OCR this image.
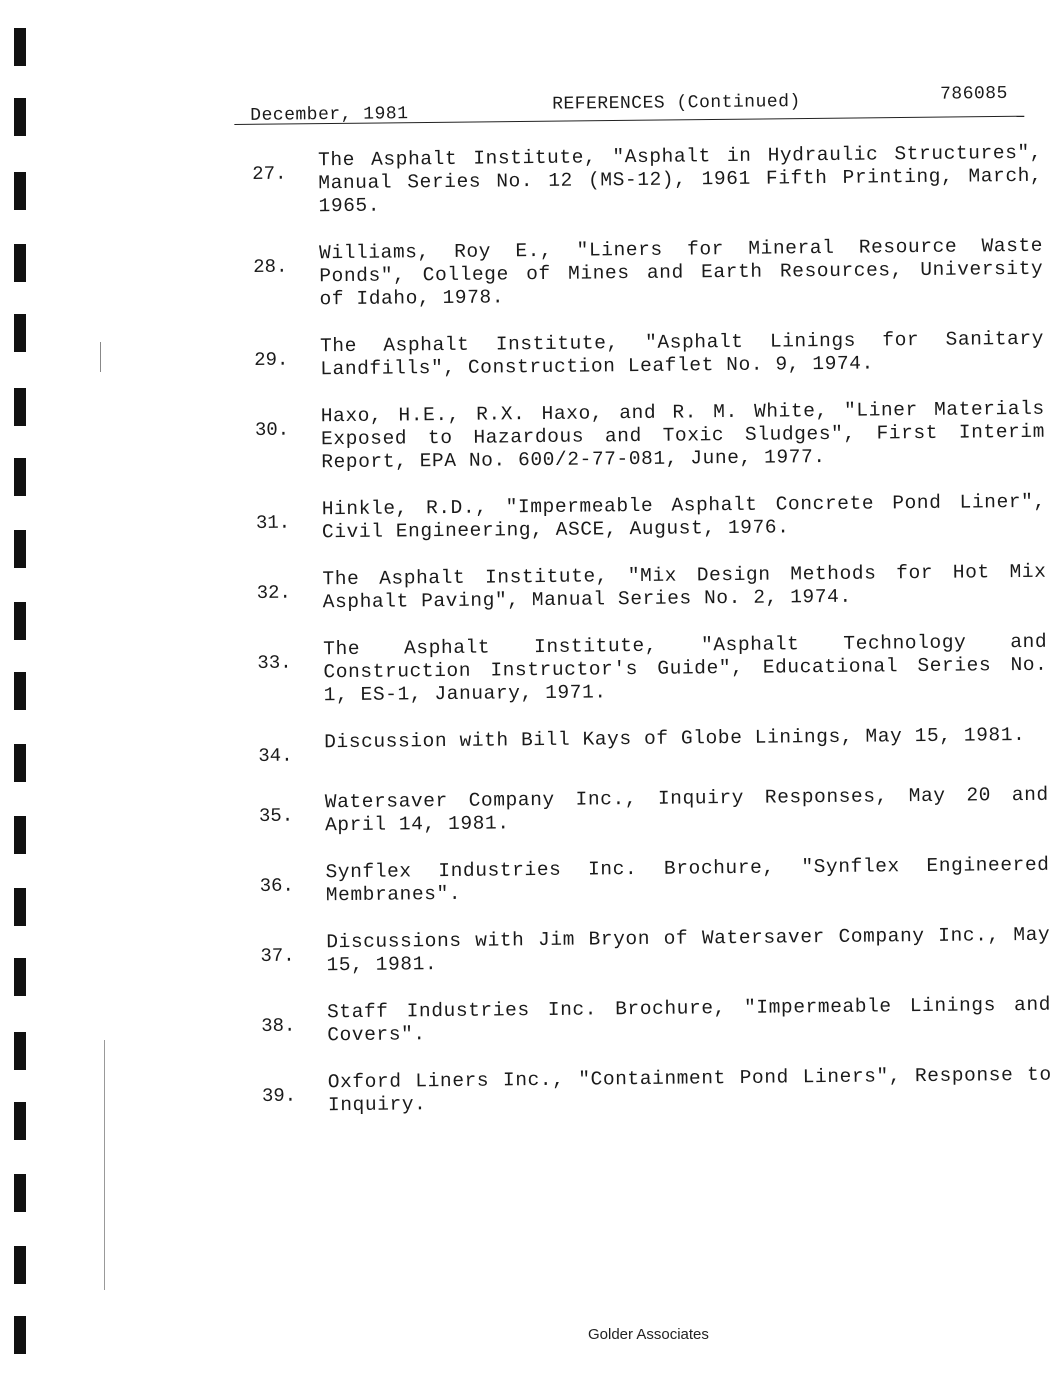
December, 1981
REFERENCES (Continued)	786085
27.
The Asphalt Institute, "Asphalt in Hydraulic Structures", Manual Series No. 12 (MS-12), 1961 Fifth Printing, March, 1965.
28.
Williams, Roy E., "Liners for Mineral Resource Waste Ponds", College of Mines and Earth Resources, University of Idaho, 1978.
29.
The Asphalt Institute, "Asphalt Linings for Sanitary Landfills", Construction Leaflet No. 9, 1974.
30.
Haxo, H.E., R.X. Haxo, and R. M. White, "Liner Materials Exposed to Hazardous and Toxic Sludges", First Interim Report, EPA No. 600/2-77-081, June, 1977.
31.
Hinkle, R.D., "Impermeable Asphalt Concrete Pond Liner", Civil Engineering, ASCE, August, 1976.
32.
The Asphalt Institute, "Mix Design Methods for Hot Mix Asphalt Paving", Manual Series No. 2, 1974.
33.
The Asphalt Institute, "Asphalt Technology and Construction Instructor's Guide", Educational Series No. 1, ES-1, January, 1971.
34.
Discussion with Bill Kays of Globe Linings, May 15, 1981.
35.
Watersaver Company Inc., Inquiry Responses, May 20 and April 14, 1981.
36.
Synflex Industries Inc. Brochure, "Synflex Engineered Membranes".
37.
Discussions with Jim Bryon of Watersaver Company Inc., May 15, 1981.
38.
Staff Industries Inc. Brochure, "Impermeable Linings and Covers".
39.
Oxford Liners Inc., "Containment Pond Liners", Response to Inquiry.
Golder Associates
